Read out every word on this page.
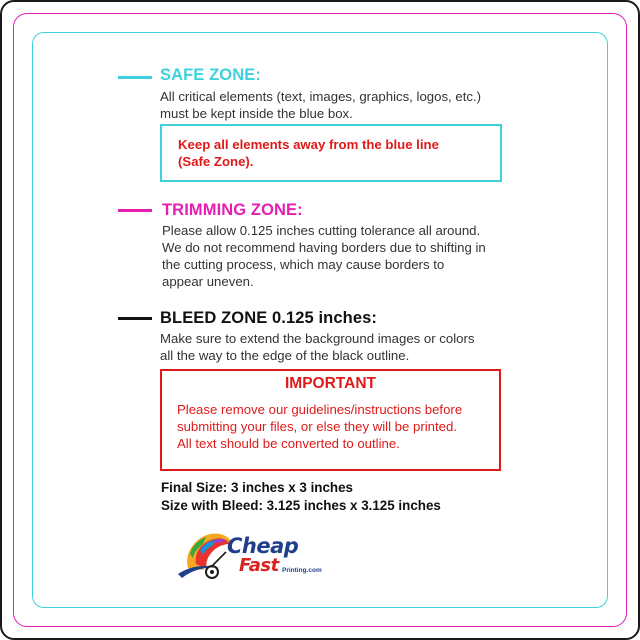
SAFE ZONE:
All critical elements (text, images, graphics, logos, etc.)
must be kept inside the blue box.
Keep all elements away from the blue line
(Safe Zone).
TRIMMING ZONE:
Please allow 0.125 inches cutting tolerance all around.
We do not recommend having borders due to shifting in
the cutting process, which may cause borders to
appear uneven.
BLEED ZONE 0.125 inches:
Make sure to extend the background images or colors
all the way to the edge of the black outline.
IMPORTANT
Please remove our guidelines/instructions before
submitting your files, or else they will be printed.
All text should be converted to outline.
Final Size: 3 inches x 3 inches
Size with Bleed: 3.125 inches x 3.125 inches
Cheap
Fast Printing.com
